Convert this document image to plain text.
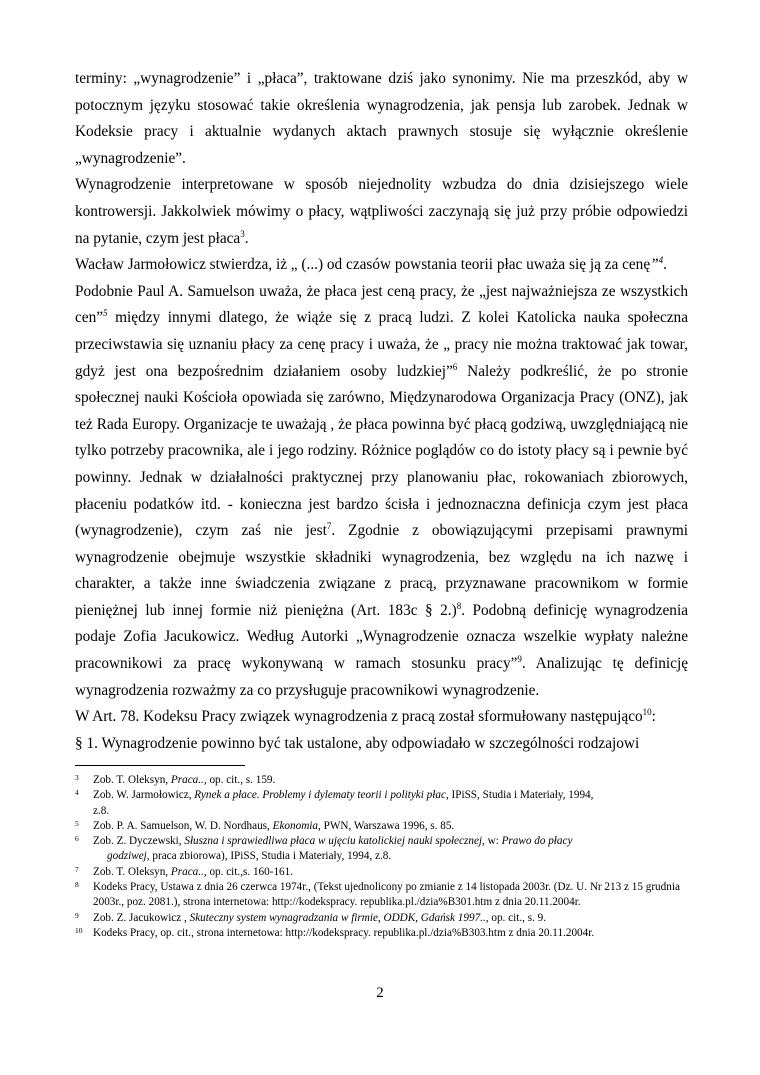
terminy: „wynagrodzenie” i „płaca”, traktowane dziś jako synonimy. Nie ma przeszkód, aby w potocznym języku stosować takie określenia wynagrodzenia, jak pensja lub zarobek. Jednak w Kodeksie pracy i aktualnie wydanych aktach prawnych stosuje się wyłącznie określenie „wynagrodzenie”.

Wynagrodzenie interpretowane w sposób niejednolity wzbudza do dnia dzisiejszego wiele kontrowersji. Jakkolwiek mówimy o płacy, wątpliwości zaczynają się już przy próbie odpowiedzi na pytanie, czym jest płaca$^3$.

Wacław Jarmołowicz stwierdza, iż „ (...) od czasów powstania teorii płac uważa się ją za cenę”$^4$.

Podobnie Paul A. Samuelson uważa, że płaca jest ceną pracy, że „jest najważniejsza ze wszystkich cen”$^5$ między innymi dlatego, że wiąże się z pracą ludzi. Z kolei Katolicka nauka społeczna przeciwstawia się uznaniu płacy za cenę pracy i uważa, że „ pracy nie można traktować jak towar, gdyż jest ona bezpośrednim działaniem osoby ludzkiej”$^6$ Należy podkreślić, że po stronie społecznej nauki Kościoła opowiada się zarówno, Międzynarodowa Organizacja Pracy (ONZ), jak też Rada Europy. Organizacje te uważają , że płaca powinna być płacą godziwą, uwzględniającą nie tylko potrzeby pracownika, ale i jego rodziny. Różnice poglądów co do istoty płacy są i pewnie być powinny. Jednak w działalności praktycznej przy planowaniu płac, rokowaniach zbiorowych, płaceniu podatków itd. - konieczna jest bardzo ścisła i jednoznaczna definicja czym jest płaca (wynagrodzenie), czym zaś nie jest$^7$. Zgodnie z obowiązującymi przepisami prawnymi wynagrodzenie obejmuje wszystkie składniki wynagrodzenia, bez względu na ich nazwę i charakter, a także inne świadczenia związane z pracą, przyznawane pracownikom w formie pieniężnej lub innej formie niż pieniężna (Art. 183c § 2.)$^8$. Podobną definicję wynagrodzenia podaje Zofia Jacukowicz. Według Autorki „Wynagrodzenie oznacza wszelkie wypłaty należne pracownikowi za pracę wykonywaną w ramach stosunku pracy”$^9$. Analizując tę definicję wynagrodzenia rozważmy za co przysługuje pracownikowi wynagrodzenie.

W Art. 78. Kodeksu Pracy związek wynagrodzenia z pracą został sformułowany następująco$^{10}$:

§ 1. Wynagrodzenie powinno być tak ustalone, aby odpowiadało w szczególności rodzajowi

3 Zob. T. Oleksyn, Praca.., op. cit., s. 159.
4 Zob. W. Jarmołowicz, Rynek a płace. Problemy i dylematy teorii i polityki płac, IPiSS, Studia i Materiały, 1994,
z.8.
5 Zob. P. A. Samuelson, W. D. Nordhaus, Ekonomia, PWN, Warszawa 1996, s. 85.
6 Zob. Z. Dyczewski, Słuszna i sprawiedliwa płaca w ujęciu katolickiej nauki społecznej, w: Prawo do płacy
godziwej, praca zbiorowa), IPiSS, Studia i Materiały, 1994, z.8.
7 Zob. T. Oleksyn, Praca.., op. cit.,s. 160-161.
8 Kodeks Pracy, Ustawa z dnia 26 czerwca 1974r., (Tekst ujednolicony po zmianie z 14 listopada 2003r. (Dz. U. Nr 213 z 15 grudnia 2003r., poz. 2081.), strona internetowa: http://kodekspracy. republika.pl./dzia%B301.htm z dnia 20.11.2004r.
9 Zob. Z. Jacukowicz , Skuteczny system wynagradzania w firmie, ODDK, Gdańsk 1997.., op. cit., s. 9.
10 Kodeks Pracy, op. cit., strona internetowa: http://kodekspracy. republika.pl./dzia%B303.htm z dnia 20.11.2004r.
2
